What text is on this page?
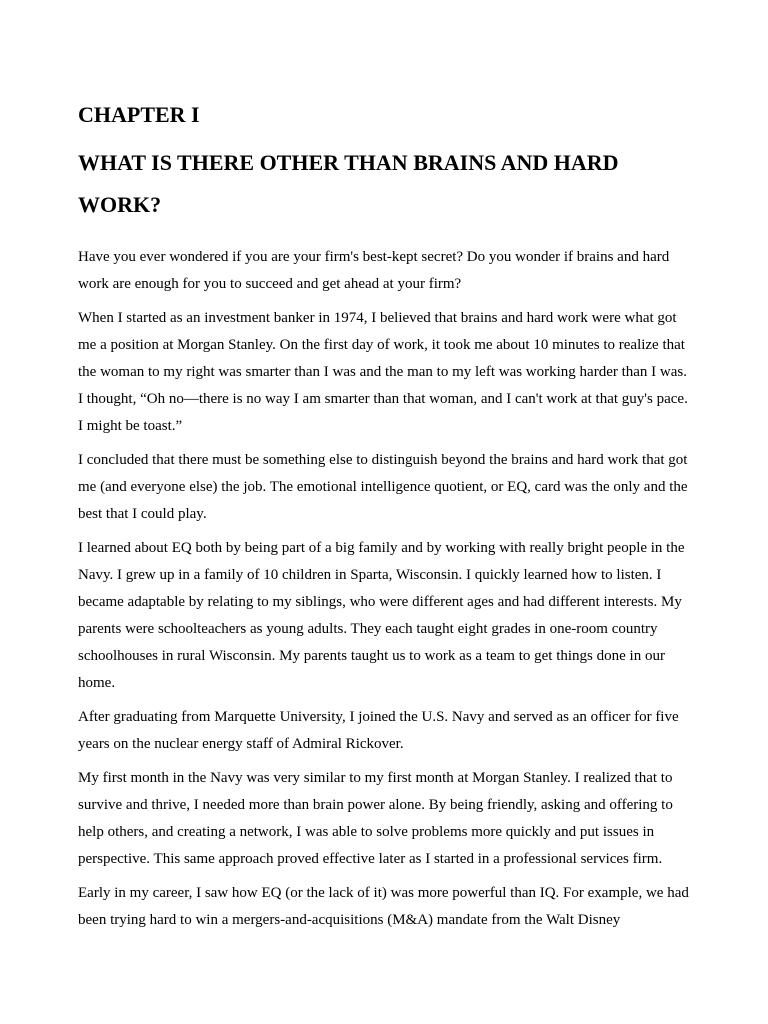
CHAPTER I
WHAT IS THERE OTHER THAN BRAINS AND HARD WORK?

Have you ever wondered if you are your firm's best-kept secret? Do you wonder if brains and hard work are enough for you to succeed and get ahead at your firm?

When I started as an investment banker in 1974, I believed that brains and hard work were what got me a position at Morgan Stanley. On the first day of work, it took me about 10 minutes to realize that the woman to my right was smarter than I was and the man to my left was working harder than I was. I thought, “Oh no—there is no way I am smarter than that woman, and I can't work at that guy's pace. I might be toast.”

I concluded that there must be something else to distinguish beyond the brains and hard work that got me (and everyone else) the job. The emotional intelligence quotient, or EQ, card was the only and the best that I could play.

I learned about EQ both by being part of a big family and by working with really bright people in the Navy. I grew up in a family of 10 children in Sparta, Wisconsin. I quickly learned how to listen. I became adaptable by relating to my siblings, who were different ages and had different interests. My parents were schoolteachers as young adults. They each taught eight grades in one-room country schoolhouses in rural Wisconsin. My parents taught us to work as a team to get things done in our home.

After graduating from Marquette University, I joined the U.S. Navy and served as an officer for five years on the nuclear energy staff of Admiral Rickover.

My first month in the Navy was very similar to my first month at Morgan Stanley. I realized that to survive and thrive, I needed more than brain power alone. By being friendly, asking and offering to help others, and creating a network, I was able to solve problems more quickly and put issues in perspective. This same approach proved effective later as I started in a professional services firm.

Early in my career, I saw how EQ (or the lack of it) was more powerful than IQ. For example, we had been trying hard to win a mergers-and-acquisitions (M&A) mandate from the Walt Disney
